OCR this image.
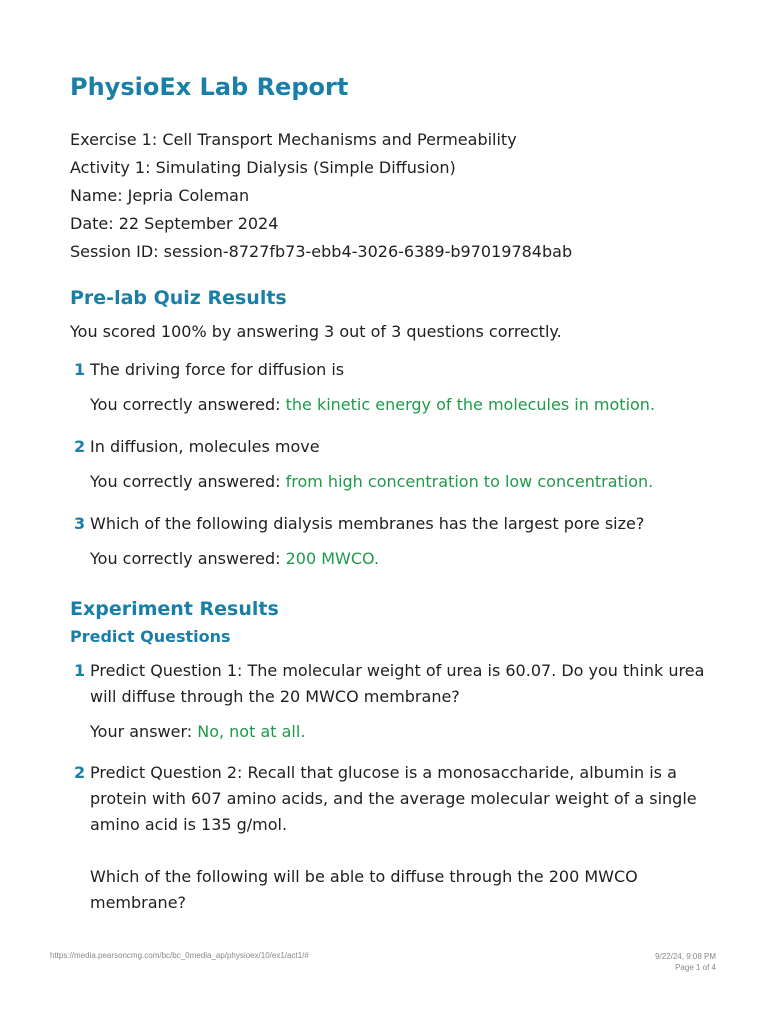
PhysioEx Lab Report
Exercise 1: Cell Transport Mechanisms and Permeability
Activity 1: Simulating Dialysis (Simple Diffusion)
Name: Jepria Coleman
Date: 22 September 2024
Session ID: session-8727fb73-ebb4-3026-6389-b97019784bab
Pre-lab Quiz Results
You scored 100% by answering 3 out of 3 questions correctly.
1 The driving force for diffusion is
You correctly answered: the kinetic energy of the molecules in motion.
2 In diffusion, molecules move
You correctly answered: from high concentration to low concentration.
3 Which of the following dialysis membranes has the largest pore size?
You correctly answered: 200 MWCO.
Experiment Results
Predict Questions
1 Predict Question 1: The molecular weight of urea is 60.07. Do you think urea will diffuse through the 20 MWCO membrane?
Your answer: No, not at all.
2 Predict Question 2: Recall that glucose is a monosaccharide, albumin is a protein with 607 amino acids, and the average molecular weight of a single amino acid is 135 g/mol.
Which of the following will be able to diffuse through the 200 MWCO membrane?
https://media.pearsoncmg.com/bc/bc_0media_ap/physioex/10/ex1/act1/#	9/22/24, 9:08 PM
Page 1 of 4
